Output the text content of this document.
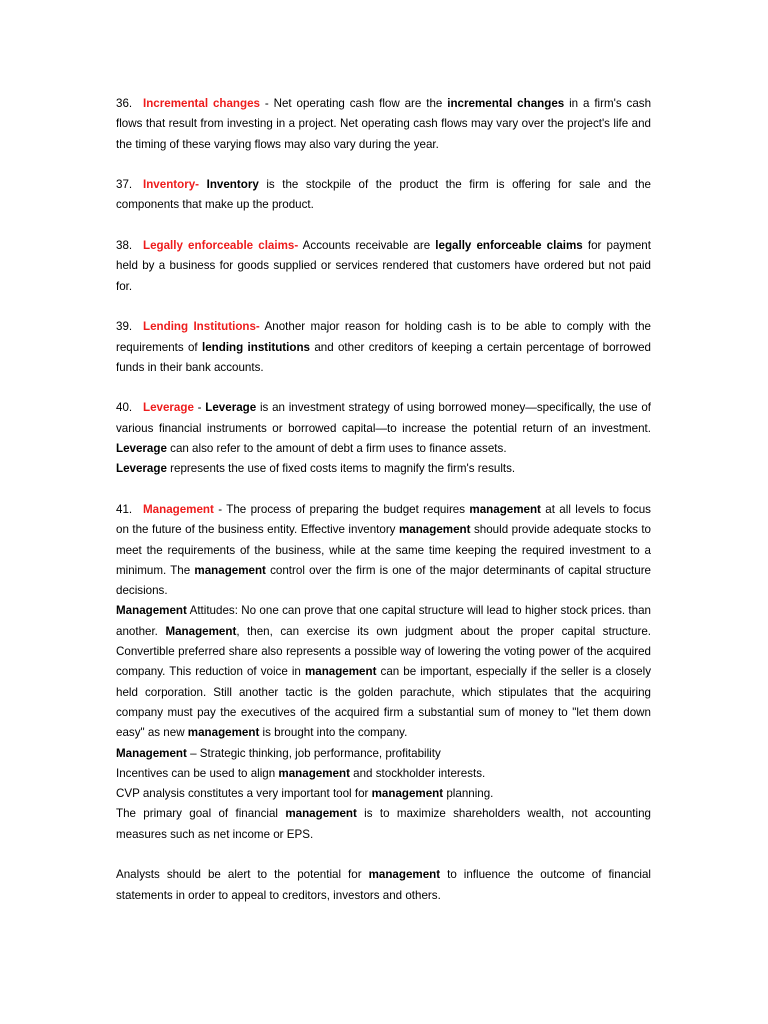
36. Incremental changes - Net operating cash flow are the incremental changes in a firm's cash flows that result from investing in a project. Net operating cash flows may vary over the project's life and the timing of these varying flows may also vary during the year.

37. Inventory- Inventory is the stockpile of the product the firm is offering for sale and the components that make up the product.

38. Legally enforceable claims- Accounts receivable are legally enforceable claims for payment held by a business for goods supplied or services rendered that customers have ordered but not paid for.

39. Lending Institutions- Another major reason for holding cash is to be able to comply with the requirements of lending institutions and other creditors of keeping a certain percentage of borrowed funds in their bank accounts.

40. Leverage - Leverage is an investment strategy of using borrowed money—specifically, the use of various financial instruments or borrowed capital—to increase the potential return of an investment. Leverage can also refer to the amount of debt a firm uses to finance assets.

Leverage represents the use of fixed costs items to magnify the firm's results.

41. Management - The process of preparing the budget requires management at all levels to focus on the future of the business entity. Effective inventory management should provide adequate stocks to meet the requirements of the business, while at the same time keeping the required investment to a minimum. The management control over the firm is one of the major determinants of capital structure decisions.

Management Attitudes: No one can prove that one capital structure will lead to higher stock prices. than another. Management, then, can exercise its own judgment about the proper capital structure. Convertible preferred share also represents a possible way of lowering the voting power of the acquired company. This reduction of voice in management can be important, especially if the seller is a closely held corporation. Still another tactic is the golden parachute, which stipulates that the acquiring company must pay the executives of the acquired firm a substantial sum of money to "let them down easy" as new management is brought into the company.

Management – Strategic thinking, job performance, profitability

Incentives can be used to align management and stockholder interests.

CVP analysis constitutes a very important tool for management planning.

The primary goal of financial management is to maximize shareholders wealth, not accounting measures such as net income or EPS.

Analysts should be alert to the potential for management to influence the outcome of financial statements in order to appeal to creditors, investors and others.
